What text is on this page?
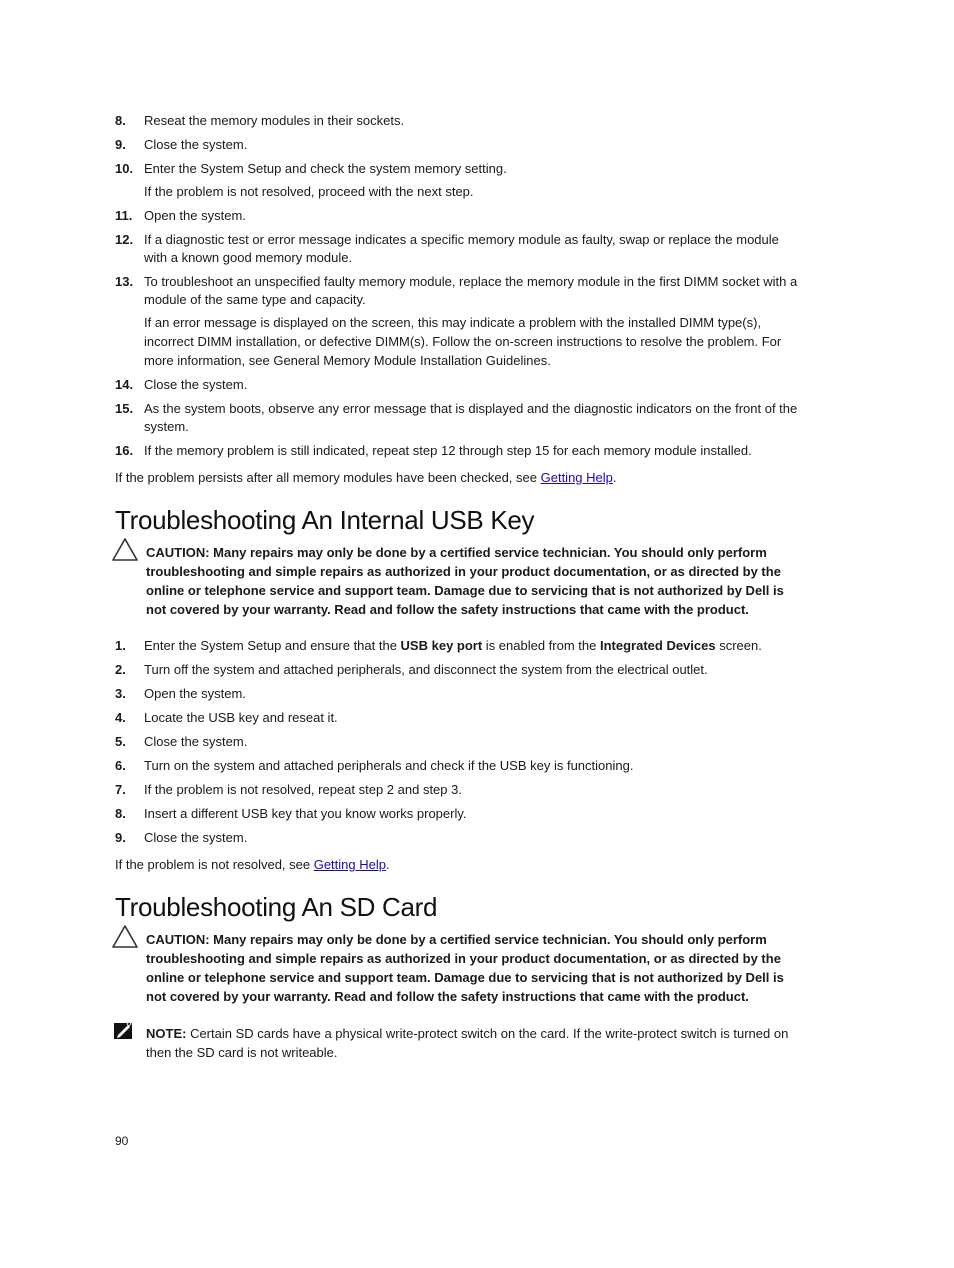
8. Reseat the memory modules in their sockets.
9. Close the system.
10. Enter the System Setup and check the system memory setting.

If the problem is not resolved, proceed with the next step.

11. Open the system.
12. If a diagnostic test or error message indicates a specific memory module as faulty, swap or replace the module with a known good memory module.
13. To troubleshoot an unspecified faulty memory module, replace the memory module in the first DIMM socket with a module of the same type and capacity.

If an error message is displayed on the screen, this may indicate a problem with the installed DIMM type(s), incorrect DIMM installation, or defective DIMM(s). Follow the on-screen instructions to resolve the problem. For more information, see General Memory Module Installation Guidelines.

14. Close the system.
15. As the system boots, observe any error message that is displayed and the diagnostic indicators on the front of the system.
16. If the memory problem is still indicated, repeat step 12 through step 15 for each memory module installed.

If the problem persists after all memory modules have been checked, see Getting Help.

Troubleshooting An Internal USB Key
CAUTION: Many repairs may only be done by a certified service technician. You should only perform troubleshooting and simple repairs as authorized in your product documentation, or as directed by the online or telephone service and support team. Damage due to servicing that is not authorized by Dell is not covered by your warranty. Read and follow the safety instructions that came with the product.
1. Enter the System Setup and ensure that the USB key port is enabled from the Integrated Devices screen.
2. Turn off the system and attached peripherals, and disconnect the system from the electrical outlet.
3. Open the system.
4. Locate the USB key and reseat it.
5. Close the system.
6. Turn on the system and attached peripherals and check if the USB key is functioning.
7. If the problem is not resolved, repeat step 2 and step 3.
8. Insert a different USB key that you know works properly.
9. Close the system.

If the problem is not resolved, see Getting Help.

Troubleshooting An SD Card
CAUTION: Many repairs may only be done by a certified service technician. You should only perform troubleshooting and simple repairs as authorized in your product documentation, or as directed by the online or telephone service and support team. Damage due to servicing that is not authorized by Dell is not covered by your warranty. Read and follow the safety instructions that came with the product.
NOTE: Certain SD cards have a physical write-protect switch on the card. If the write-protect switch is turned on then the SD card is not writeable.
90
